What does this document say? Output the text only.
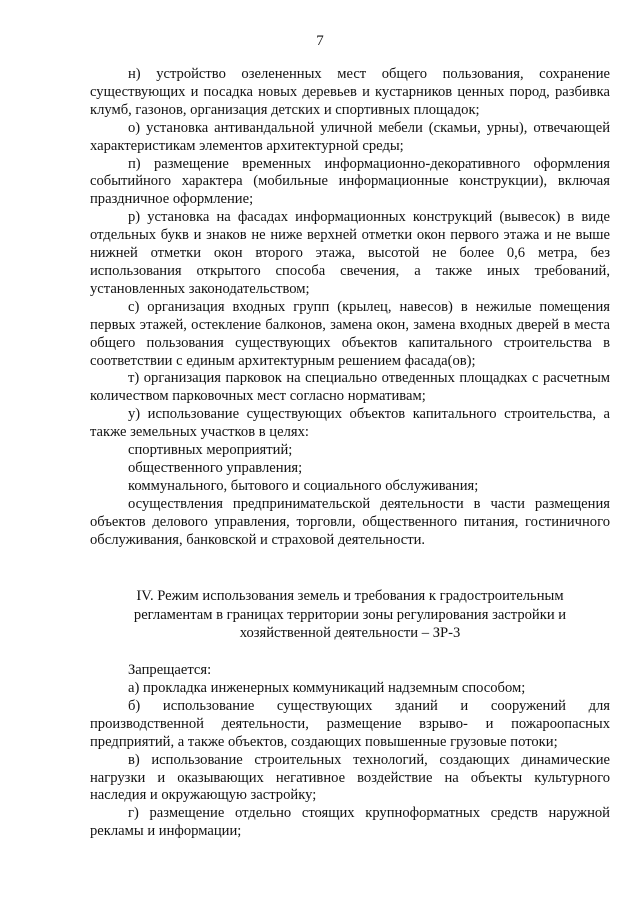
7

н) устройство озелененных мест общего пользования, сохранение существующих и посадка новых деревьев и кустарников ценных пород, разбивка клумб, газонов, организация детских и спортивных площадок;

о) установка антивандальной уличной мебели (скамьи, урны), отвечающей характеристикам элементов архитектурной среды;

п) размещение временных информационно-декоративного оформления событийного характера (мобильные информационные конструкции), включая праздничное оформление;

р) установка на фасадах информационных конструкций (вывесок) в виде отдельных букв и знаков не ниже верхней отметки окон первого этажа и не выше нижней отметки окон второго этажа, высотой не более 0,6 метра, без использования открытого способа свечения, а также иных требований, установленных законодательством;

с) организация входных групп (крылец, навесов) в нежилые помещения первых этажей, остекление балконов, замена окон, замена входных дверей в места общего пользования существующих объектов капитального строительства в соответствии с единым архитектурным решением фасада(ов);

т) организация парковок на специально отведенных площадках с расчетным количеством парковочных мест согласно нормативам;

у) использование существующих объектов капитального строительства, а также земельных участков в целях:

спортивных мероприятий;

общественного управления;

коммунального, бытового и социального обслуживания;

осуществления предпринимательской деятельности в части размещения объектов делового управления, торговли, общественного питания, гостиничного обслуживания, банковской и страховой деятельности.

IV. Режим использования земель и требования к градостроительным регламентам в границах территории зоны регулирования застройки и хозяйственной деятельности – ЗР-3

Запрещается:

а) прокладка инженерных коммуникаций надземным способом;

б) использование существующих зданий и сооружений для производственной деятельности, размещение взрыво- и пожароопасных предприятий, а также объектов, создающих повышенные грузовые потоки;

в) использование строительных технологий, создающих динамические нагрузки и оказывающих негативное воздействие на объекты культурного наследия и окружающую застройку;

г) размещение отдельно стоящих крупноформатных средств наружной рекламы и информации;
